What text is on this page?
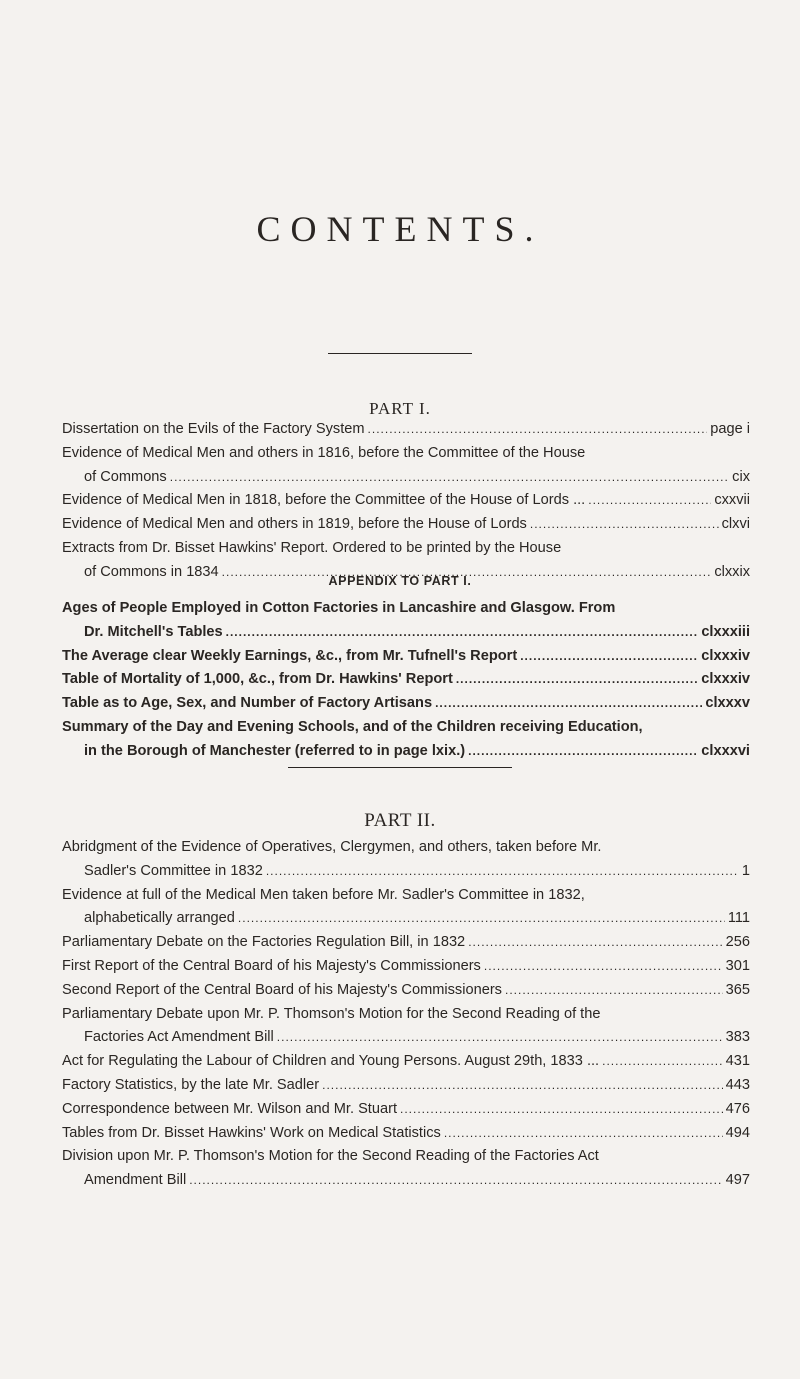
CONTENTS.
PART I.
Dissertation on the Evils of the Factory System .....	page i
Evidence of Medical Men and others in 1816, before the Committee of the House
of Commons .....	cix
Evidence of Medical Men in 1818, before the Committee of the House of Lords ... .....	cxxvii
Evidence of Medical Men and others in 1819, before the House of Lords .....	clxvi
Extracts from Dr. Bisset Hawkins' Report. Ordered to be printed by the House
of Commons in 1834 .....	clxxix
APPENDIX TO PART I.
Ages of People Employed in Cotton Factories in Lancashire and Glasgow. From
Dr. Mitchell's Tables .....	clxxxiii
The Average clear Weekly Earnings, &c., from Mr. Tufnell's Report .....	clxxxiv
Table of Mortality of 1,000, &c., from Dr. Hawkins' Report .....	clxxxiv
Table as to Age, Sex, and Number of Factory Artisans .....	clxxxv
Summary of the Day and Evening Schools, and of the Children receiving Education,
in the Borough of Manchester (referred to in page lxix.) .....	clxxxvi
PART II.
Abridgment of the Evidence of Operatives, Clergymen, and others, taken before Mr.
Sadler's Committee in 1832 .....	1
Evidence at full of the Medical Men taken before Mr. Sadler's Committee in 1832,
alphabetically arranged .....	111
Parliamentary Debate on the Factories Regulation Bill, in 1832 .....	256
First Report of the Central Board of his Majesty's Commissioners .....	301
Second Report of the Central Board of his Majesty's Commissioners .....	365
Parliamentary Debate upon Mr. P. Thomson's Motion for the Second Reading of the
Factories Act Amendment Bill .....	383
Act for Regulating the Labour of Children and Young Persons. August 29th, 1833 ... .....	431
Factory Statistics, by the late Mr. Sadler .....	443
Correspondence between Mr. Wilson and Mr. Stuart .....	476
Tables from Dr. Bisset Hawkins' Work on Medical Statistics .....	494
Division upon Mr. P. Thomson's Motion for the Second Reading of the Factories Act
Amendment Bill .....	497
